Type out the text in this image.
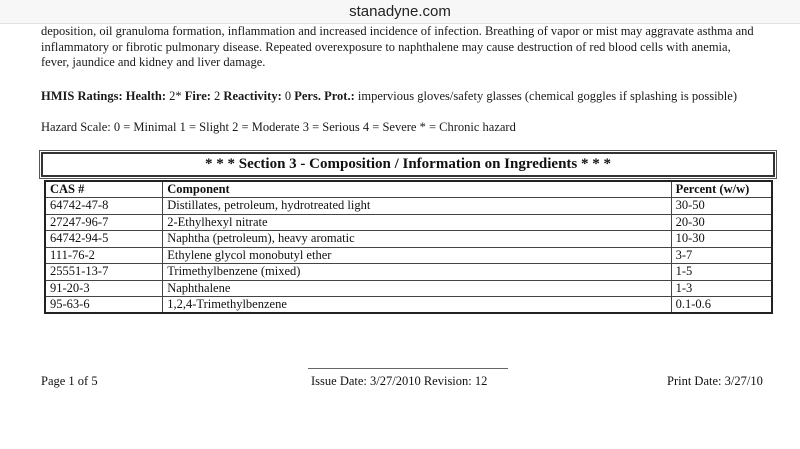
stanadyne.com

deposition, oil granuloma formation, inflammation and increased incidence of infection. Breathing of vapor or mist may aggravate asthma and inflammatory or fibrotic pulmonary disease. Repeated overexposure to naphthalene may cause destruction of red blood cells with anemia, fever, jaundice and kidney and liver damage.

HMIS Ratings: Health: 2* Fire: 2 Reactivity: 0 Pers. Prot.: impervious gloves/safety glasses (chemical goggles if splashing is possible)

Hazard Scale: 0 = Minimal 1 = Slight 2 = Moderate 3 = Serious 4 = Severe * = Chronic hazard

* * * Section 3 - Composition / Information on Ingredients * * *
CAS #	Component	Percent (w/w)
64742-47-8	Distillates, petroleum, hydrotreated light	30-50
27247-96-7	2-Ethylhexyl nitrate	20-30
64742-94-5	Naphtha (petroleum), heavy aromatic	10-30
111-76-2	Ethylene glycol monobutyl ether	3-7
25551-13-7	Trimethylbenzene (mixed)	1-5
91-20-3	Naphthalene	1-3
95-63-6	1,2,4-Trimethylbenzene	0.1-0.6
Page 1 of 5	Issue Date: 3/27/2010 Revision: 12	Print Date: 3/27/10
